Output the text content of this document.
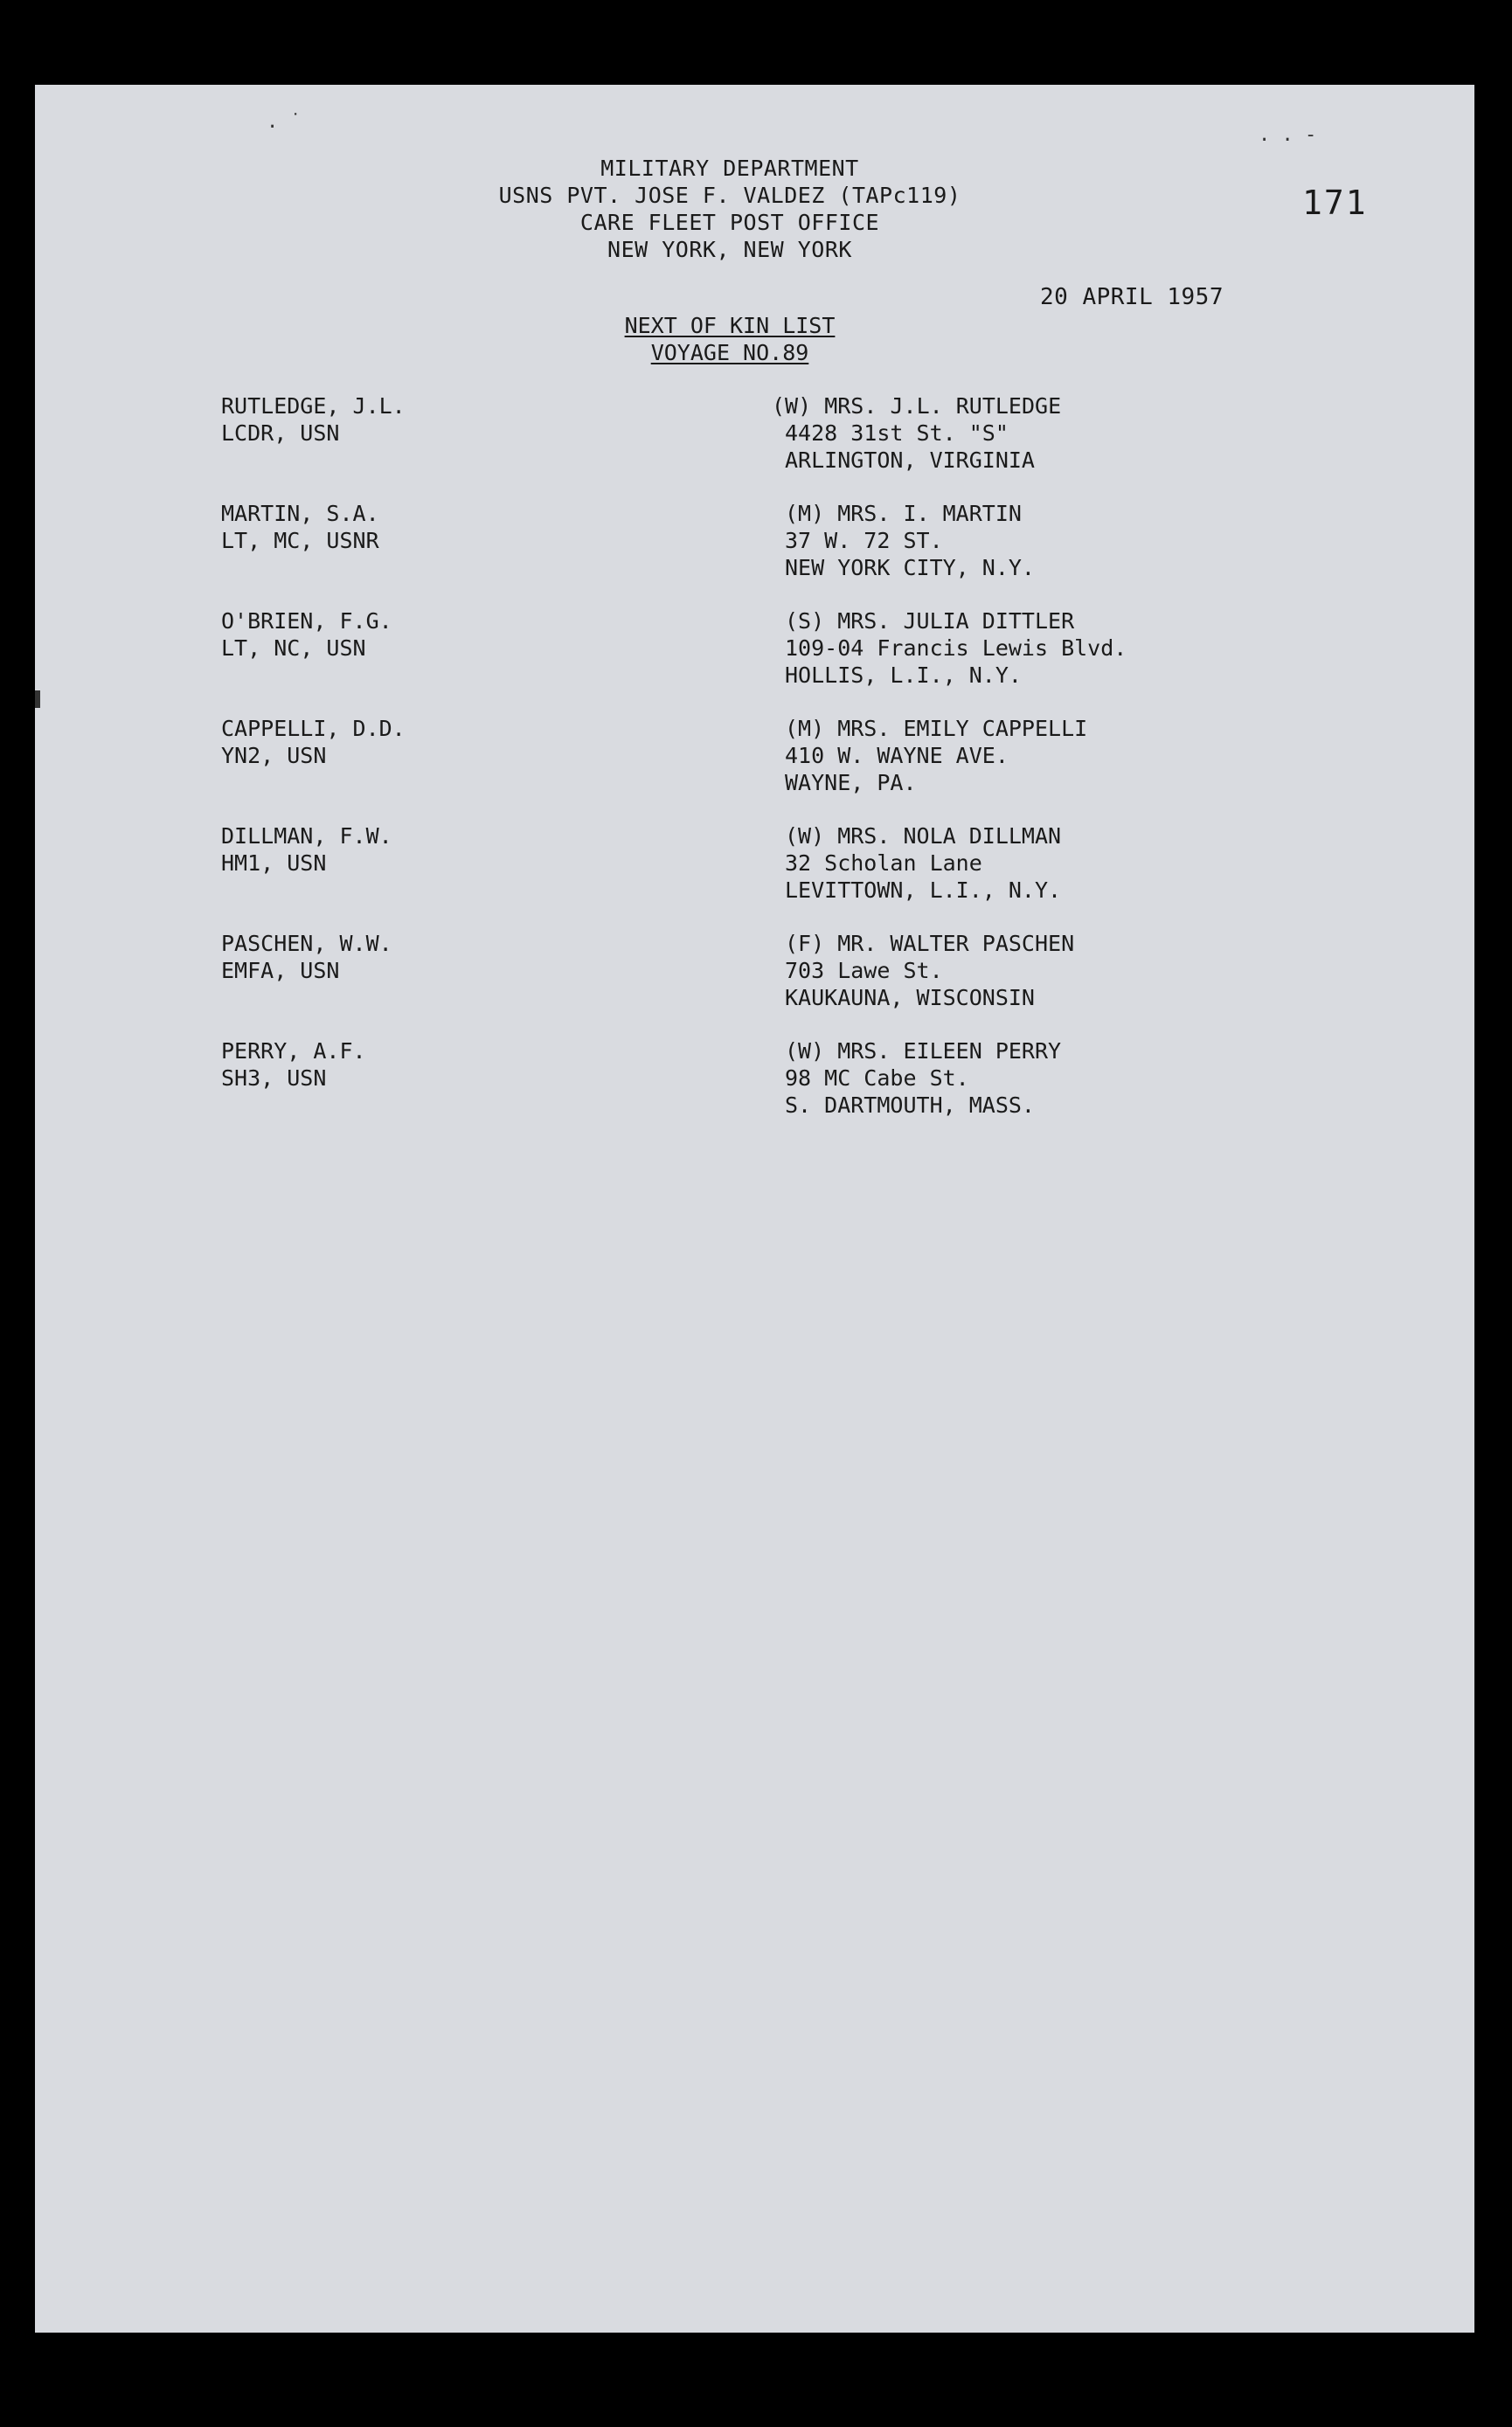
. ˙
. . -
MILITARY DEPARTMENT
USNS PVT. JOSE F. VALDEZ (TAPc119)
CARE FLEET POST OFFICE
NEW YORK, NEW YORK
171
20 APRIL 1957
NEXT OF KIN LIST
VOYAGE NO.89
RUTLEDGE, J.L.
LCDR, USN
(W) MRS. J.L. RUTLEDGE
4428 31st St. "S"
ARLINGTON, VIRGINIA
MARTIN, S.A.
LT, MC, USNR
(M) MRS. I. MARTIN
37 W. 72 ST.
NEW YORK CITY, N.Y.
O'BRIEN, F.G.
LT, NC, USN
(S) MRS. JULIA DITTLER
109-04 Francis Lewis Blvd.
HOLLIS, L.I., N.Y.
CAPPELLI, D.D.
YN2, USN
(M) MRS. EMILY CAPPELLI
410 W. WAYNE AVE.
WAYNE, PA.
DILLMAN, F.W.
HM1, USN
(W) MRS. NOLA DILLMAN
32 Scholan Lane
LEVITTOWN, L.I., N.Y.
PASCHEN, W.W.
EMFA, USN
(F) MR. WALTER PASCHEN
703 Lawe St.
KAUKAUNA, WISCONSIN
PERRY, A.F.
SH3, USN
(W) MRS. EILEEN PERRY
98 MC Cabe St.
S. DARTMOUTH, MASS.
